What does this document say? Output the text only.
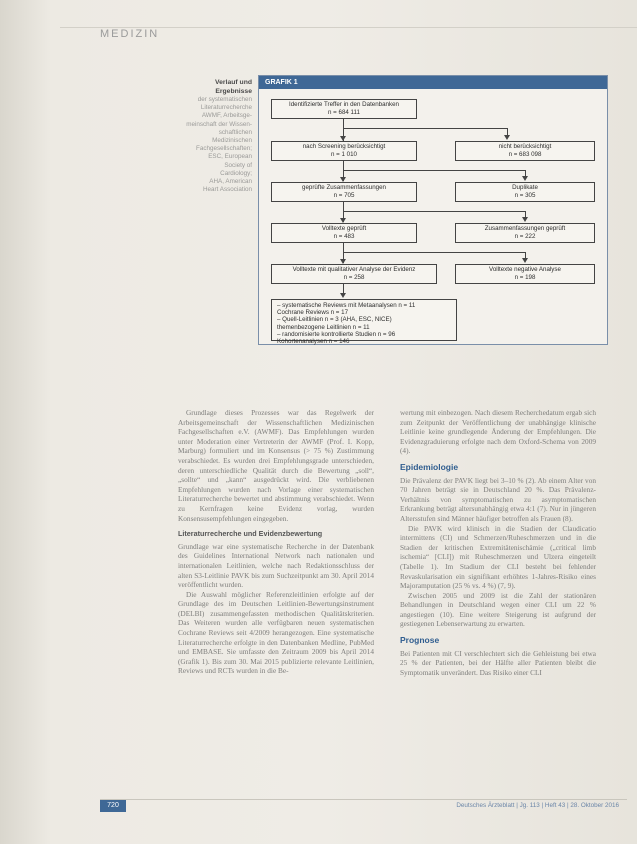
MEDIZIN
Verlauf und
Ergebnisse
der systematischen
Literaturrecherche
AWMF, Arbeitsge-
meinschaft der Wissen-
schaftlichen
Medizinischen
Fachgesellschaften;
ESC, European
Society of
Cardiology;
AHA, American
Heart Association
GRAFIK 1
Identifizierte Treffer in den Datenbanken
n = 684 111
nach Screening berücksichtigt
n = 1 010
nicht berücksichtigt
n = 683 098
geprüfte Zusammenfassungen
n = 705
Duplikate
n = 305
Volltexte geprüft
n = 483
Zusammenfassungen geprüft
n = 222
Volltexte mit qualitativer Analyse der Evidenz
n = 258
Volltexte negative Analyse
n = 198
– systematische Reviews mit Metaanalysen n = 11
Cochrane Reviews n = 17
– Quell-Leitlinien n = 3 (AHA, ESC, NICE)
themenbezogene Leitlinien n = 11
– randomisierte kontrollierte Studien n = 96
Kohortenanalysen n = 146

Grundlage dieses Prozesses war das Regelwerk der Arbeitsgemeinschaft der Wissenschaftlichen Medizinischen Fachgesellschaften e.V. (AWMF). Das Empfehlungen wurden unter Moderation einer Vertreterin der AWMF (Prof. I. Kopp, Marburg) formuliert und im Konsensus (> 75 %) Zustimmung verabschiedet. Es wurden drei Empfehlungsgrade unterschieden, deren unterschiedliche Qualität durch die Bewertung „soll“, „sollte“ und „kann“ ausgedrückt wird. Die verbliebenen Empfehlungen wurden nach Vorlage einer systematischen Literaturrecherche bewertet und abstimmung verabschiedet. Wenn zu Kernfragen keine Evidenz vorlag, wurden Konsensusempfehlungen eingegeben.

Literaturrecherche und Evidenzbewertung

Grundlage war eine systematische Recherche in der Datenbank des Guidelines International Network nach nationalen und internationalen Leitlinien, welche nach Redaktionsschluss der alten S3-Leitlinie PAVK bis zum Suchzeitpunkt am 30. April 2014 veröffentlicht wurden.

Die Auswahl möglicher Referenzleitlinien erfolgte auf der Grundlage des im Deutschen Leitlinien-Bewertungsinstrument (DELBI) zusammengefassten methodischen Qualitätskriterien. Das Weiteren wurden alle verfügbaren neuen systematischen Cochrane Reviews seit 4/2009 herangezogen. Eine systematische Literaturrecherche erfolgte in den Datenbanken Medline, PubMed und EMBASE. Sie umfasste den Zeitraum 2009 bis April 2014 (Grafik 1). Bis zum 30. Mai 2015 publizierte relevante Leitlinien, Reviews und RCTs wurden in die Be-

wertung mit einbezogen. Nach diesem Recherchedatum ergab sich zum Zeitpunkt der Veröffentlichung der unabhängige klinische Leitlinie keine grundlegende Änderung der Empfehlungen. Die Evidenzgraduierung erfolgte nach dem Oxford-Schema von 2009 (4).

Epidemiologie

Die Prävalenz der PAVK liegt bei 3–10 % (2). Ab einem Alter von 70 Jahren beträgt sie in Deutschland 20 %. Das Prävalenz-Verhältnis von symptomatischen zu asymptomatischen Erkrankung beträgt altersunabhängig etwa 4:1 (7). Nur in jüngeren Altersstufen sind Männer häufiger betroffen als Frauen (8).

Die PAVK wird klinisch in die Stadien der Claudicatio intermittens (CI) und Schmerzen/Ruheschmerzen und in die Stadien der kritischen Extremitätenischämie („critical limb ischemia“ [CLI]) mit Ruheschmerzen und Ulzera eingeteilt (Tabelle 1). Im Stadium der CLI besteht bei fehlender Revaskularisation ein signifikant erhöhtes 1-Jahres-Risiko eines Majoramputation (25 % vs. 4 %) (7, 9).

Zwischen 2005 und 2009 ist die Zahl der stationären Behandlungen in Deutschland wegen einer CLI um 22 % angestiegen (10). Eine weitere Steigerung ist aufgrund der gestiegenen Lebenserwartung zu erwarten.

Prognose

Bei Patienten mit CI verschlechtert sich die Gehleistung bei etwa 25 % der Patienten, bei der Hälfte aller Patienten bleibt die Symptomatik unverändert. Das Risiko einer CLI

720	Deutsches Ärzteblatt | Jg. 113 | Heft 43 | 28. Oktober 2016
